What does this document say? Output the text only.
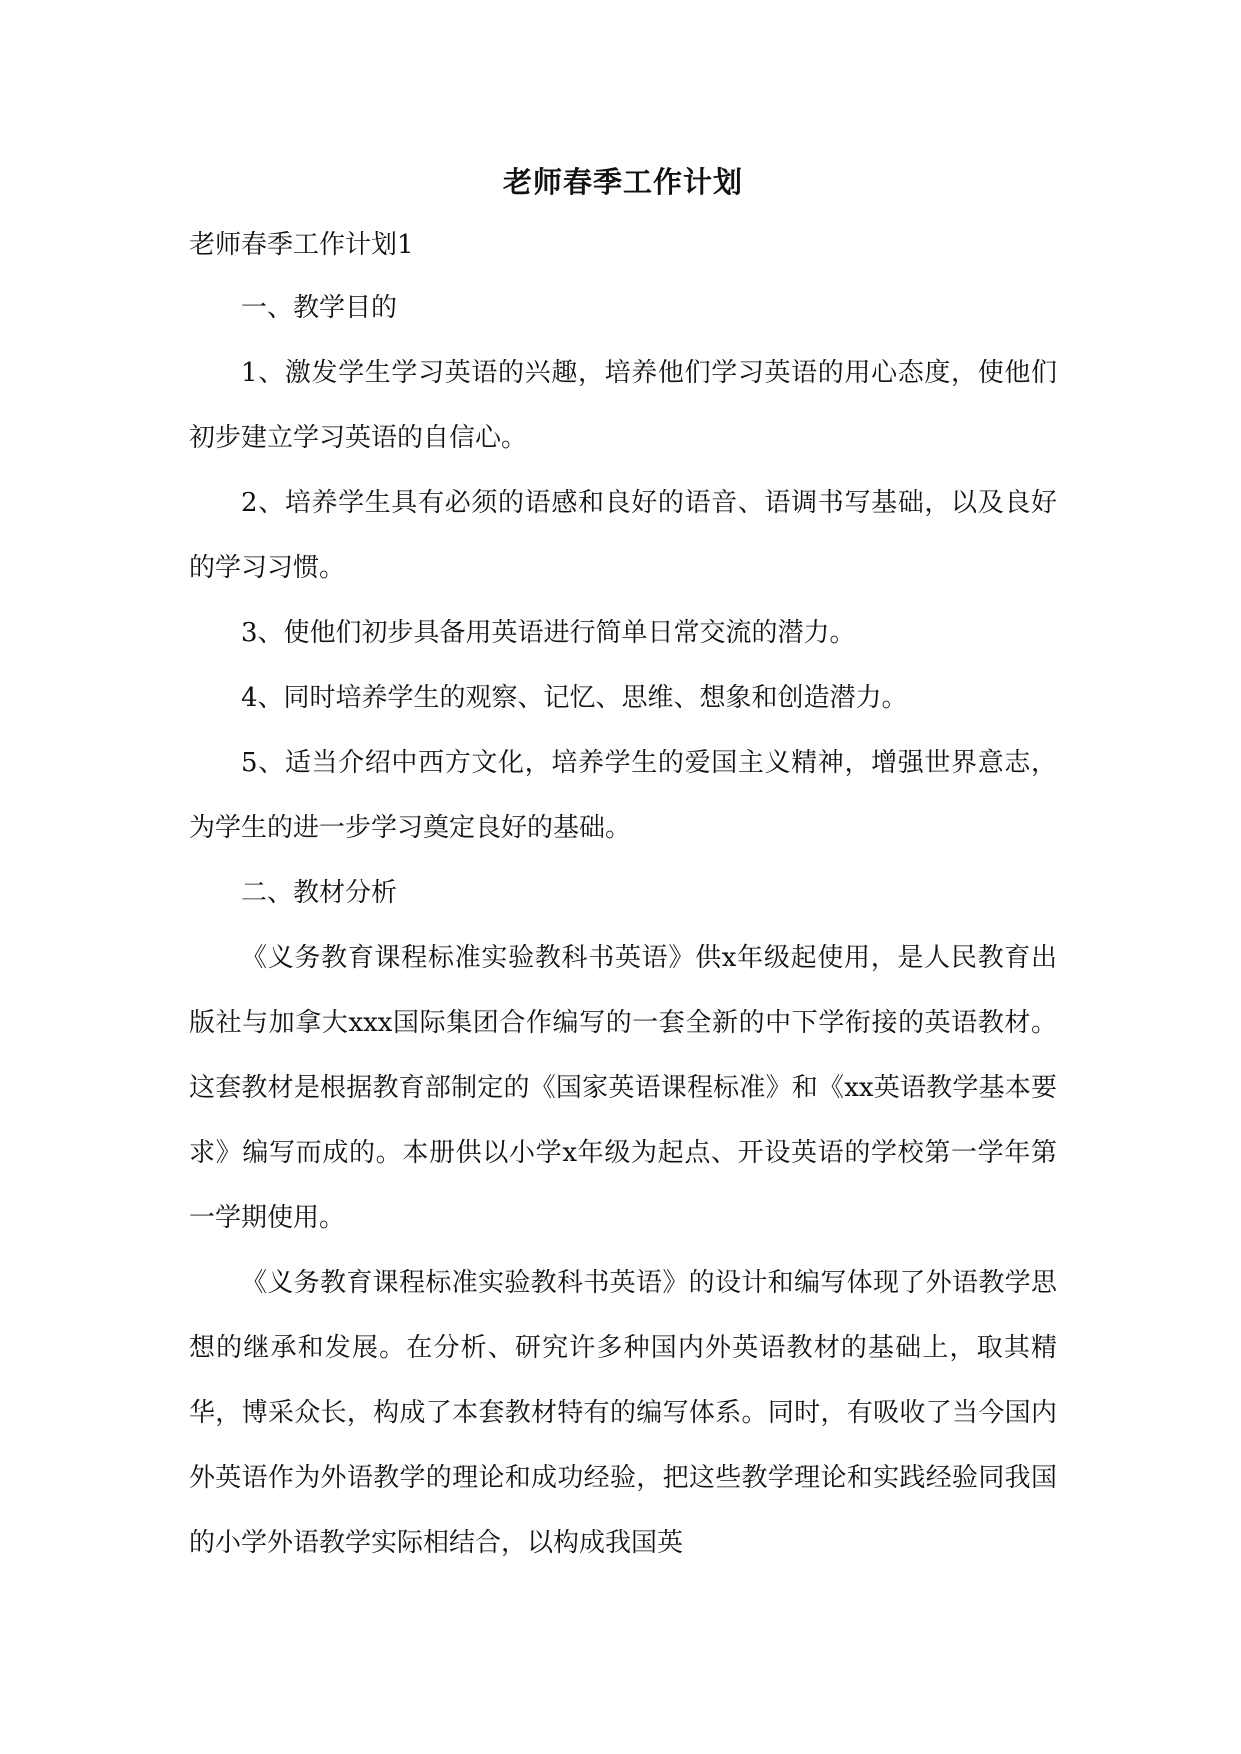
老师春季工作计划

老师春季工作计划1

一、教学目的

1、激发学生学习英语的兴趣，培养他们学习英语的用心态度，使他们初步建立学习英语的自信心。

2、培养学生具有必须的语感和良好的语音、语调书写基础，以及良好的学习习惯。

3、使他们初步具备用英语进行简单日常交流的潜力。

4、同时培养学生的观察、记忆、思维、想象和创造潜力。

5、适当介绍中西方文化，培养学生的爱国主义精神，增强世界意志，为学生的进一步学习奠定良好的基础。

二、教材分析

《义务教育课程标准实验教科书英语》供x年级起使用，是人民教育出版社与加拿大xxx国际集团合作编写的一套全新的中下学衔接的英语教材。这套教材是根据教育部制定的《国家英语课程标准》和《xx英语教学基本要求》编写而成的。本册供以小学x年级为起点、开设英语的学校第一学年第一学期使用。

《义务教育课程标准实验教科书英语》的设计和编写体现了外语教学思想的继承和发展。在分析、研究许多种国内外英语教材的基础上，取其精华，博采众长，构成了本套教材特有的编写体系。同时，有吸收了当今国内外英语作为外语教学的理论和成功经验，把这些教学理论和实践经验同我国的小学外语教学实际相结合，以构成我国英
